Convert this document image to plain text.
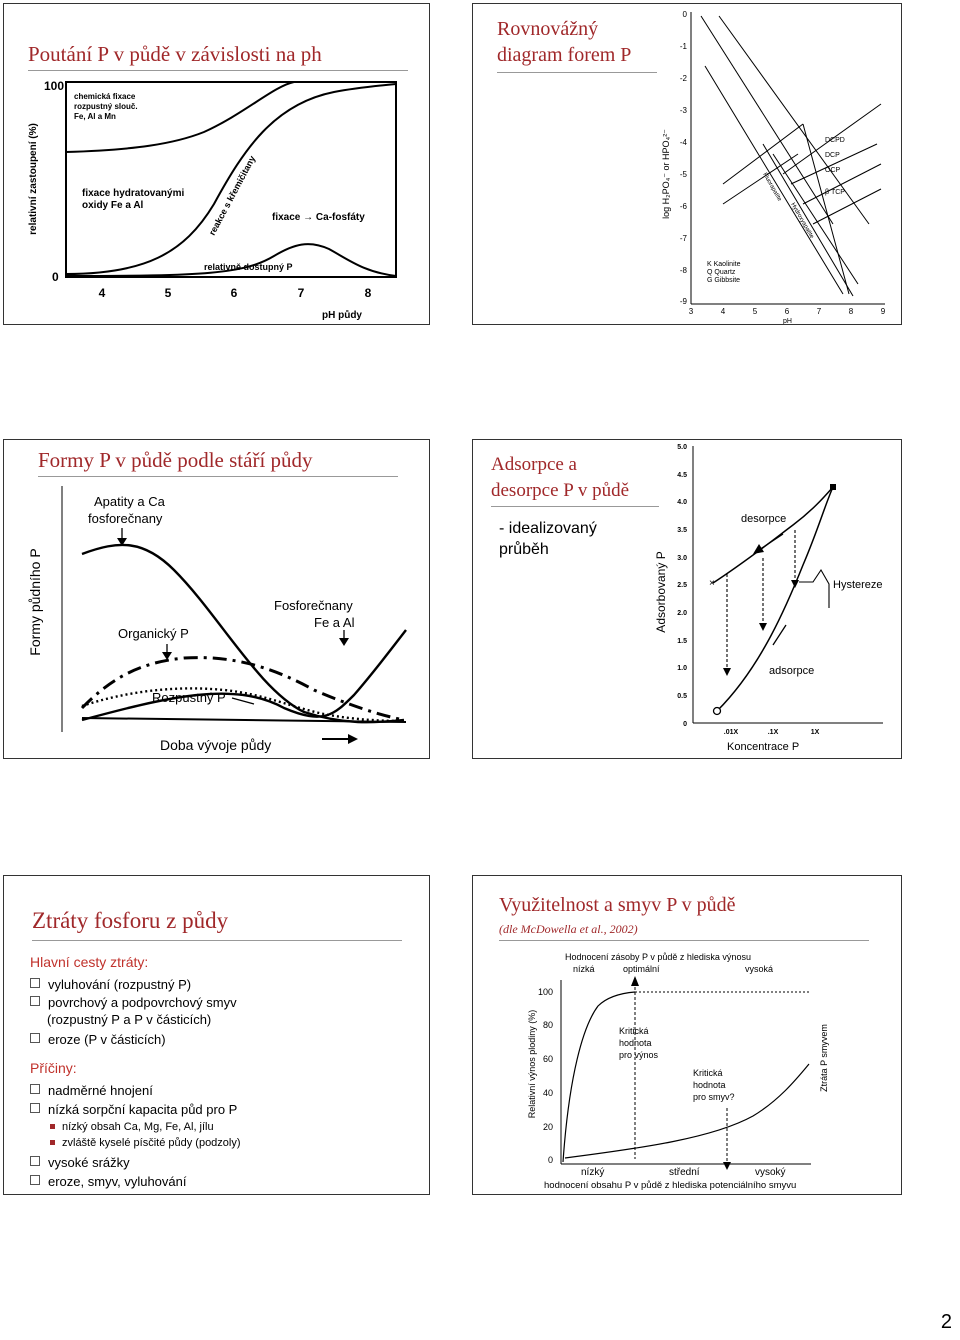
Poutání P v půdě v závislosti na ph
relativní zastoupení (%)
100
0
chemická fixace
rozpustný slouč.
Fe, Al a Mn
fixace hydratovanými
oxidy Fe a Al	reakce s křemičitany fixace → Ca-fosfáty
relativně dostupný P
4	5	6	7	8
pH půdy
Rovnovážný
diagram forem P
log H₂PO₄⁻ or HPO₄²⁻
0
-1
-2
-3
-4
-5
-6
-7
-8
-9
3	4	5	6	7	8	9
pH
DCPD
DCP
OCP
β TCP
Fluorapatite
Hydroxyapatite
K Kaolinite
Q Quartz
G Gibbsite
Formy P v půdě podle stáří půdy
Formy půdního P
Apatity a Ca
fosforečnany
Organický P
Fosforečnany
Fe a Al
Rozpustný P
Doba vývoje půdy
Adsorpce a
desorpce P v půdě
- idealizovaný
průběh
Adsorbovaný P
0
0.5
1.0
1.5
2.0
2.5
3.0
3.5
4.0
4.5
5.0
.01X	.1X	1X
Koncentrace P
×
desorpce
adsorpce
Hystereze
Ztráty fosforu z půdy
Hlavní cesty ztráty:
vyluhování (rozpustný P)
povrchový a podpovrchový smyv
(rozpustný P a P v částicích)
eroze (P v částicích)
Příčiny:
nadměrné hnojení
nízká sorpční kapacita půd pro P
nízký obsah Ca, Mg, Fe, Al, jílu
zvláště kyselé písčité půdy (podzoly)
vysoké srážky
eroze, smyv, vyluhování
Využitelnost a smyv P v půdě
(dle McDowella et al., 2002)
Hodnocení zásoby P v půdě z hlediska výnosu
nízká	optimální	vysoká
Relativní výnos plodiny (%)	Ztráta P smyvem
0
20
40
60
80
100
Kritická
hodnota
pro výnos
Kritická
hodnota
pro smyv?
nízký	střední	vysoký
hodnocení obsahu P v půdě z hlediska potenciálního smyvu
2
